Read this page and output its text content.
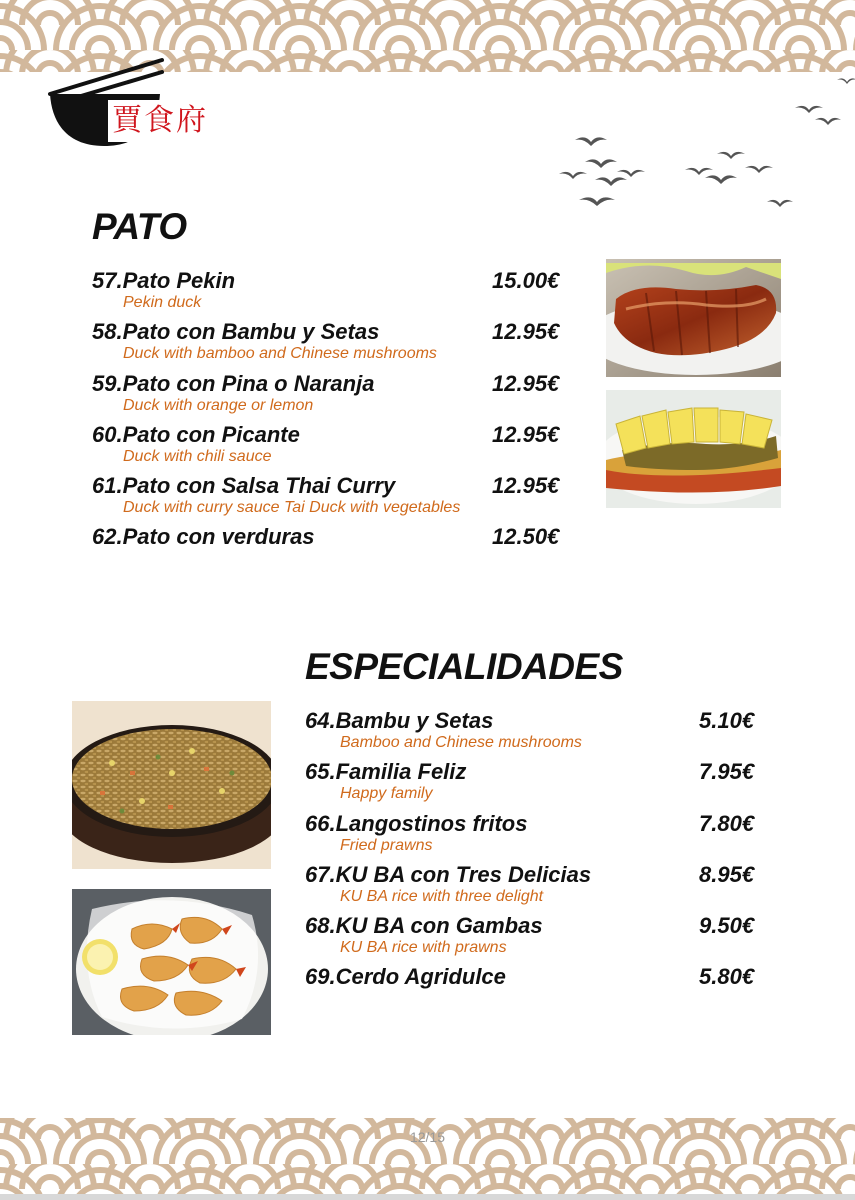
賈食府
PATO
57.Pato Pekin	15.00€
Pekin duck
58.Pato con Bambu y Setas	12.95€
Duck with bamboo and Chinese mushrooms
59.Pato con Pina o Naranja	12.95€
Duck with orange or lemon
60.Pato con Picante	12.95€
Duck with chili sauce
61.Pato con Salsa Thai Curry	12.95€
Duck with curry sauce Tai Duck with vegetables
62.Pato con verduras	12.50€
ESPECIALIDADES
64.Bambu y Setas	5.10€
Bamboo and Chinese mushrooms
65.Familia Feliz	7.95€
Happy family
66.Langostinos fritos	7.80€
Fried prawns
67.KU BA con Tres Delicias	8.95€
KU BA rice with three delight
68.KU BA con Gambas	9.50€
KU BA rice with prawns
69.Cerdo Agridulce	5.80€
12/15
